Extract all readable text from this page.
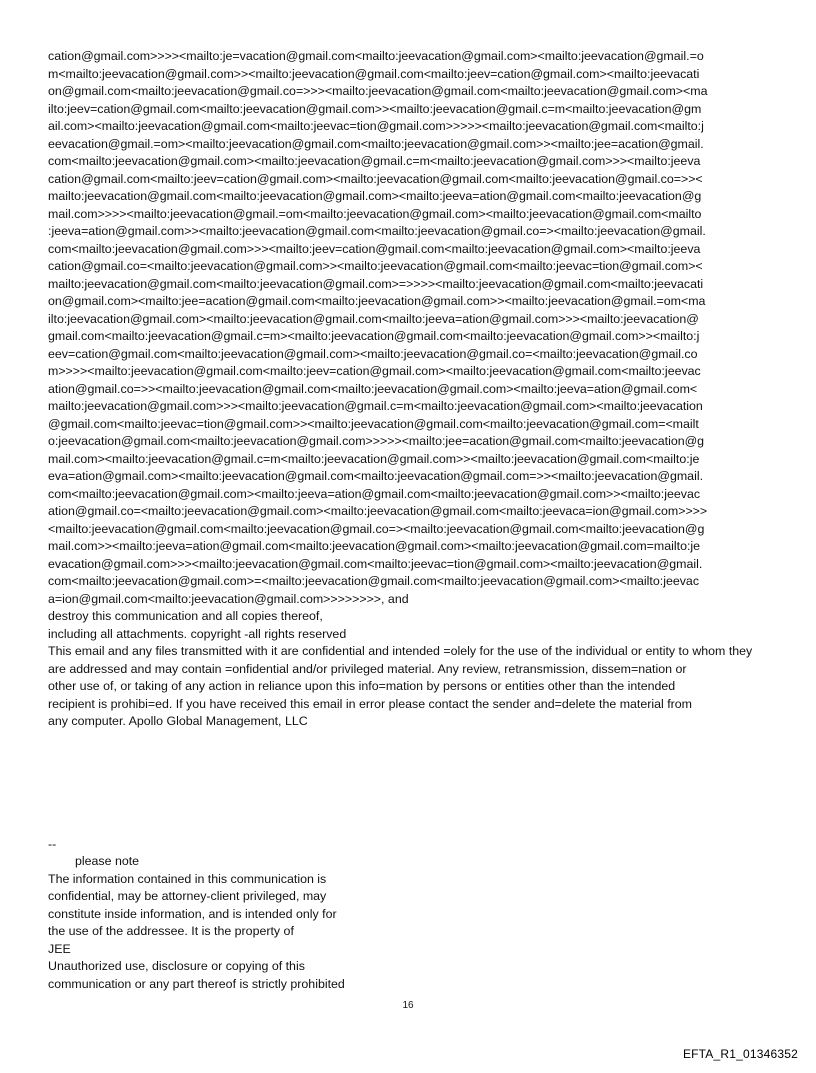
cation@gmail.com>>>><mailto:je=vacation@gmail.com<mailto:jeevacation@gmail.com><mailto:jeevacation@gmail.=o
m<mailto:jeevacation@gmail.com>><mailto:jeevacation@gmail.com<mailto:jeev=cation@gmail.com><mailto:jeevacati
on@gmail.com<mailto:jeevacation@gmail.co=>>><mailto:jeevacation@gmail.com<mailto:jeevacation@gmail.com><ma
ilto:jeev=cation@gmail.com<mailto:jeevacation@gmail.com>><mailto:jeevacation@gmail.c=m<mailto:jeevacation@gm
ail.com><mailto:jeevacation@gmail.com<mailto:jeevac=tion@gmail.com>>>>><mailto:jeevacation@gmail.com<mailto:j
eevacation@gmail.=om><mailto:jeevacation@gmail.com<mailto:jeevacation@gmail.com>><mailto:jee=acation@gmail.
com<mailto:jeevacation@gmail.com><mailto:jeevacation@gmail.c=m<mailto:jeevacation@gmail.com>>><mailto:jeeva
cation@gmail.com<mailto:jeev=cation@gmail.com><mailto:jeevacation@gmail.com<mailto:jeevacation@gmail.co=>><
mailto:jeevacation@gmail.com<mailto:jeevacation@gmail.com><mailto:jeeva=ation@gmail.com<mailto:jeevacation@g
mail.com>>>><mailto:jeevacation@gmail.=om<mailto:jeevacation@gmail.com><mailto:jeevacation@gmail.com<mailto
:jeeva=ation@gmail.com>><mailto:jeevacation@gmail.com<mailto:jeevacation@gmail.co=><mailto:jeevacation@gmail.
com<mailto:jeevacation@gmail.com>>><mailto:jeev=cation@gmail.com<mailto:jeevacation@gmail.com><mailto:jeeva
cation@gmail.co=<mailto:jeevacation@gmail.com>><mailto:jeevacation@gmail.com<mailto:jeevac=tion@gmail.com><
mailto:jeevacation@gmail.com<mailto:jeevacation@gmail.com>=>>>><mailto:jeevacation@gmail.com<mailto:jeevacati
on@gmail.com><mailto:jee=acation@gmail.com<mailto:jeevacation@gmail.com>><mailto:jeevacation@gmail.=om<ma
ilto:jeevacation@gmail.com><mailto:jeevacation@gmail.com<mailto:jeeva=ation@gmail.com>>><mailto:jeevacation@
gmail.com<mailto:jeevacation@gmail.c=m><mailto:jeevacation@gmail.com<mailto:jeevacation@gmail.com>><mailto:j
eev=cation@gmail.com<mailto:jeevacation@gmail.com><mailto:jeevacation@gmail.co=<mailto:jeevacation@gmail.co
m>>>><mailto:jeevacation@gmail.com<mailto:jeev=cation@gmail.com><mailto:jeevacation@gmail.com<mailto:jeevac
ation@gmail.co=>><mailto:jeevacation@gmail.com<mailto:jeevacation@gmail.com><mailto:jeeva=ation@gmail.com<
mailto:jeevacation@gmail.com>>><mailto:jeevacation@gmail.c=m<mailto:jeevacation@gmail.com><mailto:jeevacation
@gmail.com<mailto:jeevac=tion@gmail.com>><mailto:jeevacation@gmail.com<mailto:jeevacation@gmail.com=<mailt
o:jeevacation@gmail.com<mailto:jeevacation@gmail.com>>>>><mailto:jee=acation@gmail.com<mailto:jeevacation@g
mail.com><mailto:jeevacation@gmail.c=m<mailto:jeevacation@gmail.com>><mailto:jeevacation@gmail.com<mailto:je
eva=ation@gmail.com><mailto:jeevacation@gmail.com<mailto:jeevacation@gmail.com=>><mailto:jeevacation@gmail.
com<mailto:jeevacation@gmail.com><mailto:jeeva=ation@gmail.com<mailto:jeevacation@gmail.com>><mailto:jeevac
ation@gmail.co=<mailto:jeevacation@gmail.com><mailto:jeevacation@gmail.com<mailto:jeevaca=ion@gmail.com>>>>
<mailto:jeevacation@gmail.com<mailto:jeevacation@gmail.co=><mailto:jeevacation@gmail.com<mailto:jeevacation@g
mail.com>><mailto:jeeva=ation@gmail.com<mailto:jeevacation@gmail.com><mailto:jeevacation@gmail.com=mailto:je
evacation@gmail.com>>><mailto:jeevacation@gmail.com<mailto:jeevac=tion@gmail.com><mailto:jeevacation@gmail.
com<mailto:jeevacation@gmail.com>=<mailto:jeevacation@gmail.com<mailto:jeevacation@gmail.com><mailto:jeevac
a=ion@gmail.com<mailto:jeevacation@gmail.com>>>>>>>>, and
destroy this communication and all copies thereof,
including all attachments. copyright -all rights reserved
This email and any files transmitted with it are confidential and intended =olely for the use of the individual or entity to whom they
are addressed and may contain =onfidential and/or privileged material. Any review, retransmission, dissem=nation or
other use of, or taking of any action in reliance upon this info=mation by persons or entities other than the intended
recipient is prohibi=ed. If you have received this email in error please contact the sender and=delete the material from
any computer. Apollo Global Management, LLC
--
please note
The information contained in this communication is
confidential, may be attorney-client privileged, may
constitute inside information, and is intended only for
the use of the addressee. It is the property of
JEE
Unauthorized use, disclosure or copying of this
communication or any part thereof is strictly prohibited
16
EFTA_R1_01346352
